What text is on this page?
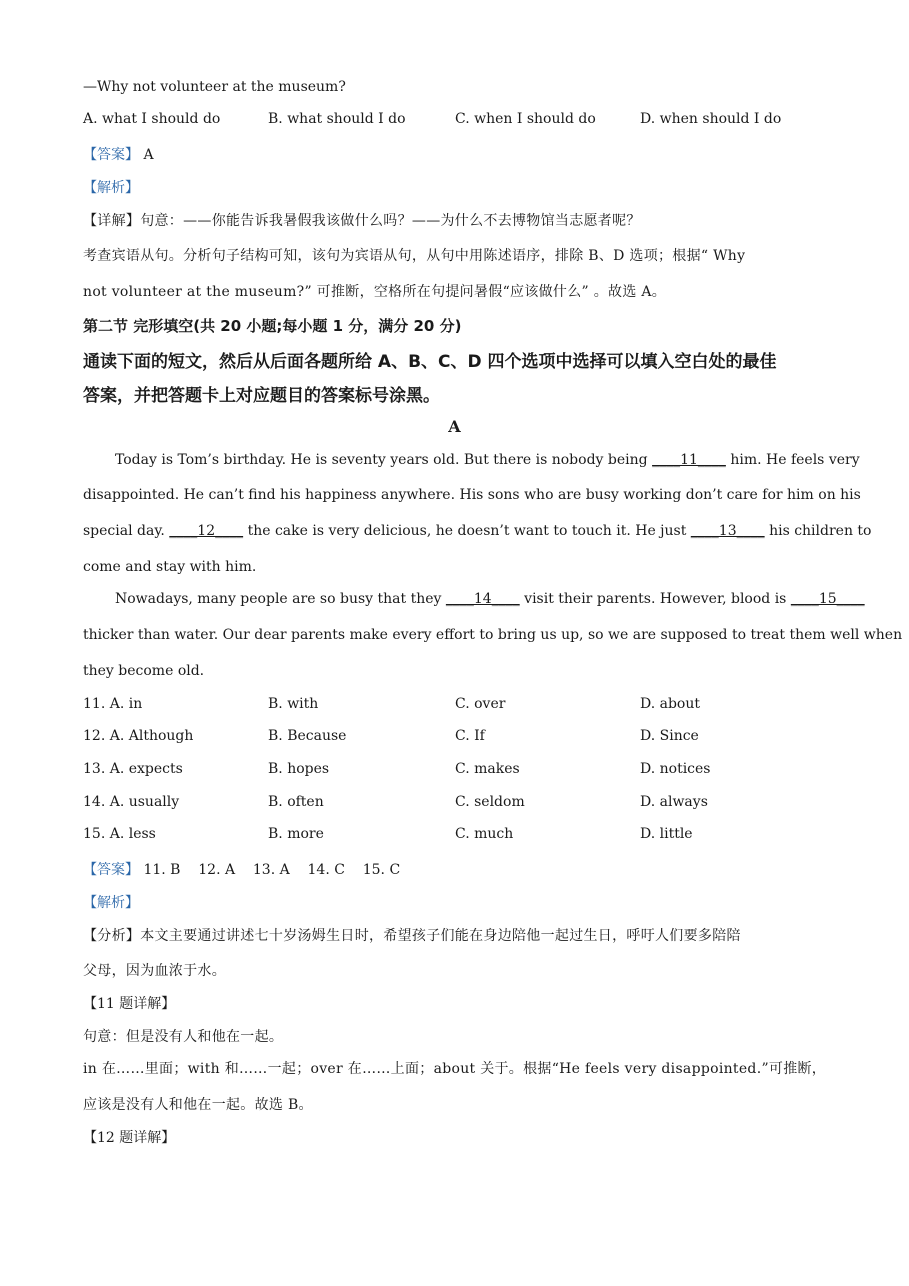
—Why not volunteer at the museum?
A. what I should do	B. what should I do	C. when I should do	D. when should I do
【答案】 A
【解析】
【详解】句意：——你能告诉我暑假我该做什么吗？——为什么不去博物馆当志愿者呢？
考查宾语从句。分析句子结构可知，该句为宾语从句，从句中用陈述语序，排除 B、D 选项；根据“ Why
not volunteer at the museum?” 可推断，空格所在句提问暑假“应该做什么” 。故选 A。
第二节 完形填空(共 20 小题;每小题 1 分，满分 20 分)
通读下面的短文，然后从后面各题所给 A、B、C、D 四个选项中选择可以填入空白处的最佳
答案，并把答题卡上对应题目的答案标号涂黑。
A
Today is Tom’s birthday. He is seventy years old. But there is nobody being ____11____ him. He feels very
disappointed. He can’t find his happiness anywhere. His sons who are busy working don’t care for him on his
special day. ____12____ the cake is very delicious, he doesn’t want to touch it. He just ____13____ his children to
come and stay with him.
Nowadays, many people are so busy that they ____14____ visit their parents. However, blood is ____15____
thicker than water. Our dear parents make every effort to bring us up, so we are supposed to treat them well when
they become old.
11. A. in	B. with	C. over	D. about
12. A. Although	B. Because	C. If	D. Since
13. A. expects	B. hopes	C. makes	D. notices
14. A. usually	B. often	C. seldom	D. always
15. A. less	B. more	C. much	D. little
【答案】 11. B    12. A    13. A    14. C    15. C
【解析】
【分析】本文主要通过讲述七十岁汤姆生日时，希望孩子们能在身边陪他一起过生日，呼吁人们要多陪陪
父母，因为血浓于水。
【11 题详解】
句意：但是没有人和他在一起。
in 在……里面；with 和……一起；over 在……上面；about 关于。根据“He feels very disappointed.”可推断，
应该是没有人和他在一起。故选 B。
【12 题详解】
